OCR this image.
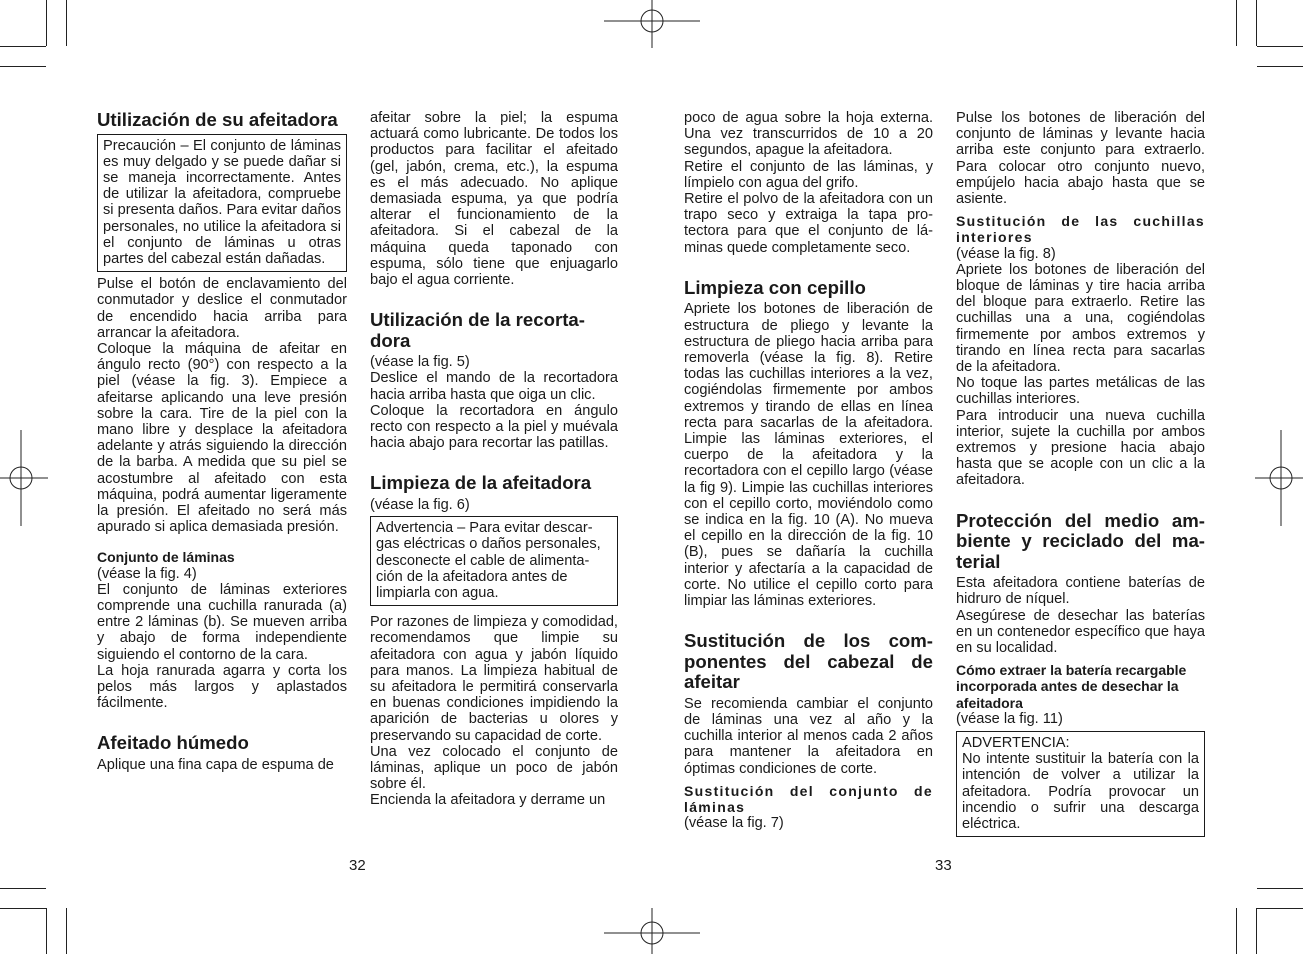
Utilización de su afeitadora

Precaución – El conjunto de láminas es muy delgado y se puede dañar si se maneja incorrectamente. Antes de utilizar la afeitadora, compruebe si presenta daños. Para evitar daños personales, no utilice la afeitadora si el conjunto de láminas u otras partes del cabezal están dañadas.

Pulse el botón de enclavamiento del conmutador y deslice el conmutador de encendido hacia arriba para arrancar la afeitadora.

Coloque la máquina de afeitar en ángulo recto (90°) con respecto a la piel (véase la fig. 3). Empiece a afeitarse aplicando una leve presión sobre la cara. Tire de la piel con la mano libre y desplace la afeitadora adelante y atrás siguiendo la dirección de la barba. A medida que su piel se acostumbre al afeitado con esta máquina, podrá aumentar ligeramente la presión. El afeitado no será más apurado si aplica demasiada presión.

Conjunto de láminas

(véase la fig. 4)

El conjunto de láminas exteriores comprende una cuchilla ranurada (a) entre 2 láminas (b). Se mueven arriba y abajo de forma independiente siguiendo el contorno de la cara.

La hoja ranurada agarra y corta los pelos más largos y aplastados fácilmente.

Afeitado húmedo

Aplique una fina capa de espuma de

afeitar sobre la piel; la espuma actuará como lubricante. De todos los productos para facilitar el afeitado (gel, jabón, crema, etc.), la espuma es el más adecuado. No aplique demasiada espuma, ya que podría alterar el funcionamiento de la afeitadora. Si el cabezal de la máquina queda taponado con espuma, sólo tiene que enjuagarlo bajo el agua corriente.

Utilización de la recorta-dora

(véase la fig. 5)

Deslice el mando de la recortadora hacia arriba hasta que oiga un clic.

Coloque la recortadora en ángulo recto con respecto a la piel y muévala hacia abajo para recortar las patillas.

Limpieza de la afeitadora

(véase la fig. 6)

Advertencia – Para evitar descar-gas eléctricas o daños personales, desconecte el cable de alimenta-ción de la afeitadora antes de limpiarla con agua.

Por razones de limpieza y comodidad, recomendamos que limpie su afeitadora con agua y jabón líquido para manos. La limpieza habitual de su afeitadora le permitirá conservarla en buenas condiciones impidiendo la aparición de bacterias u olores y preservando su capacidad de corte.

Una vez colocado el conjunto de láminas, aplique un poco de jabón sobre él.

Encienda la afeitadora y derrame un

poco de agua sobre la hoja externa. Una vez transcurridos de 10 a 20 segundos, apague la afeitadora.

Retire el conjunto de las láminas, y límpielo con agua del grifo.

Retire el polvo de la afeitadora con un trapo seco y extraiga la tapa pro-tectora para que el conjunto de lá-minas quede completamente seco.

Limpieza con cepillo

Apriete los botones de liberación de estructura de pliego y levante la estructura de pliego hacia arriba para removerla (véase la fig. 8). Retire todas las cuchillas interiores a la vez, cogiéndolas firmemente por ambos extremos y tirando de ellas en línea recta para sacarlas de la afeitadora. Limpie las láminas exteriores, el cuerpo de la afeitadora y la recortadora con el cepillo largo (véase la fig 9). Limpie las cuchillas interiores con el cepillo corto, moviéndolo como se indica en la fig. 10 (A). No mueva el cepillo en la dirección de la fig. 10 (B), pues se dañaría la cuchilla interior y afectaría a la capacidad de corte. No utilice el cepillo corto para limpiar las láminas exteriores.

Sustitución de los com-ponentes del cabezal de afeitar

Se recomienda cambiar el conjunto de láminas una vez al año y la cuchilla interior al menos cada 2 años para mantener la afeitadora en óptimas condiciones de corte.

Sustitución del conjunto de láminas

(véase la fig. 7)

Pulse los botones de liberación del conjunto de láminas y levante hacia arriba este conjunto para extraerlo. Para colocar otro conjunto nuevo, empújelo hacia abajo hasta que se asiente.

Sustitución de las cuchillas interiores

(véase la fig. 8)

Apriete los botones de liberación del bloque de láminas y tire hacia arriba del bloque para extraerlo. Retire las cuchillas una a una, cogiéndolas firmemente por ambos extremos y tirando en línea recta para sacarlas de la afeitadora.

No toque las partes metálicas de las cuchillas interiores.

Para introducir una nueva cuchilla interior, sujete la cuchilla por ambos extremos y presione hacia abajo hasta que se acople con un clic a la afeitadora.

Protección del medio am-biente y reciclado del ma-terial

Esta afeitadora contiene baterías de hidruro de níquel.

Asegúrese de desechar las baterías en un contenedor específico que haya en su localidad.

Cómo extraer la batería recargable incorporada antes de desechar la afeitadora

(véase la fig. 11)

ADVERTENCIA:

No intente sustituir la batería con la intención de volver a utilizar la afeitadora. Podría provocar un incendio o sufrir una descarga eléctrica.

32	33
